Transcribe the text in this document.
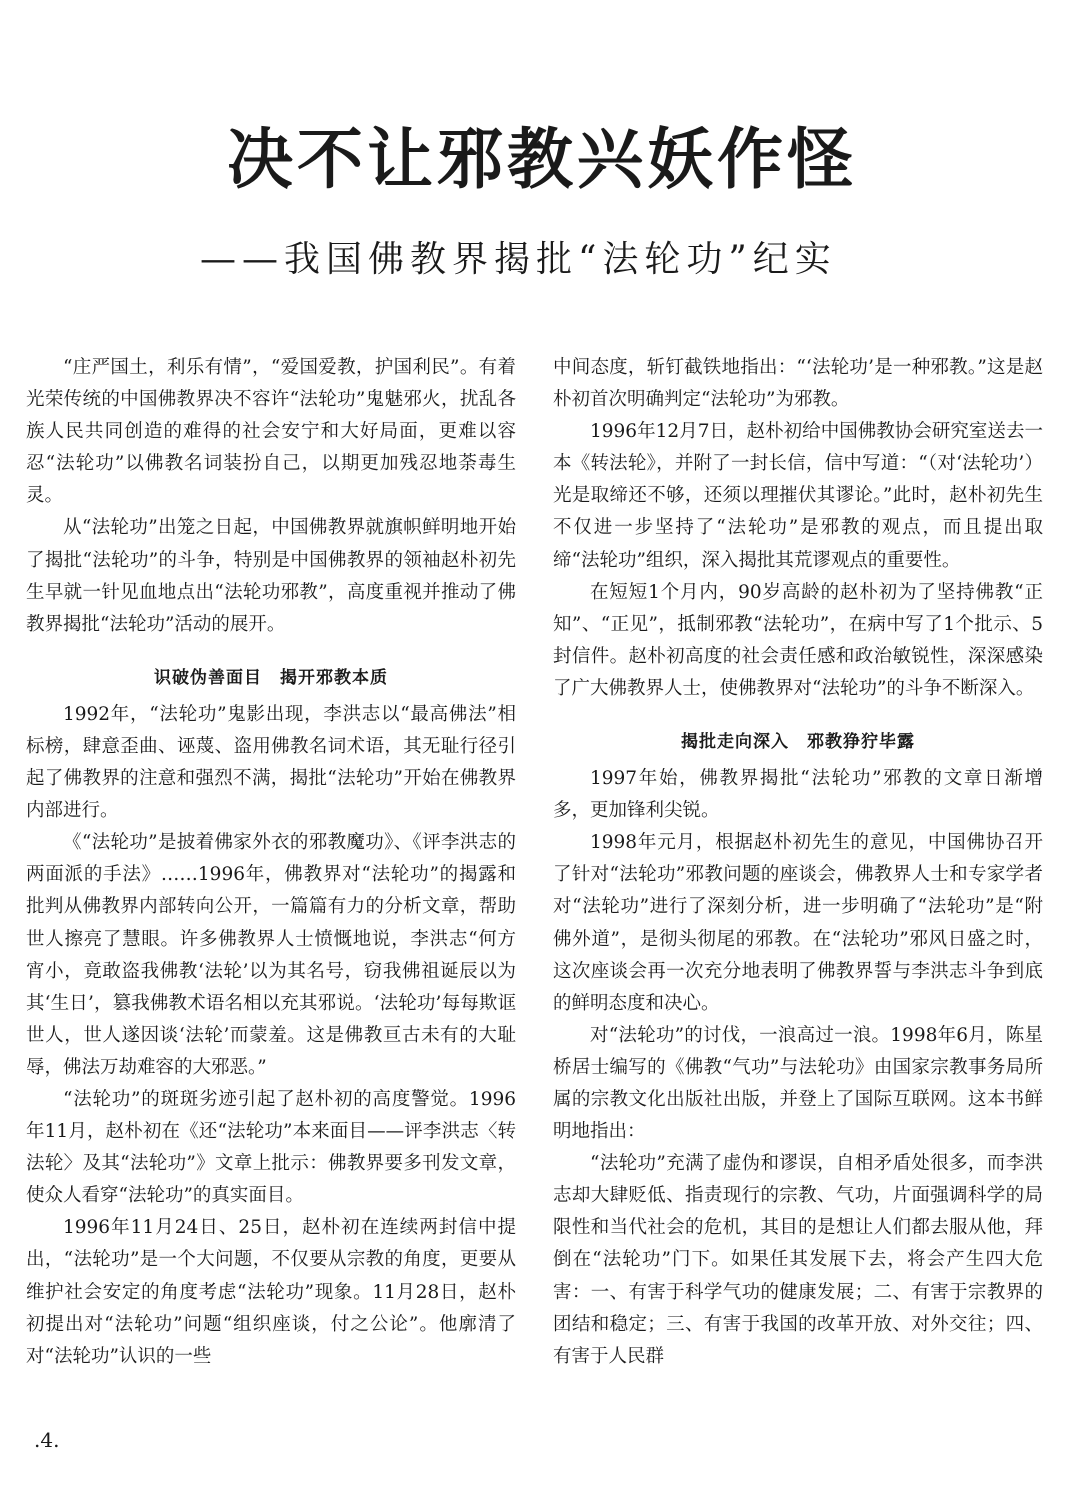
决不让邪教兴妖作怪
——我国佛教界揭批“法轮功”纪实

“庄严国土，利乐有情”，“爱国爱教，护国利民”。有着光荣传统的中国佛教界决不容许“法轮功”鬼魅邪火，扰乱各族人民共同创造的难得的社会安宁和大好局面，更难以容忍“法轮功”以佛教名词装扮自己，以期更加残忍地荼毒生灵。

从“法轮功”出笼之日起，中国佛教界就旗帜鲜明地开始了揭批“法轮功”的斗争，特别是中国佛教界的领袖赵朴初先生早就一针见血地点出“法轮功邪教”，高度重视并推动了佛教界揭批“法轮功”活动的展开。

识破伪善面目 揭开邪教本质

1992年，“法轮功”鬼影出现，李洪志以“最高佛法”相标榜，肆意歪曲、诬蔑、盗用佛教名词术语，其无耻行径引起了佛教界的注意和强烈不满，揭批“法轮功”开始在佛教界内部进行。

《“法轮功”是披着佛家外衣的邪教魔功》、《评李洪志的两面派的手法》……1996年，佛教界对“法轮功”的揭露和批判从佛教界内部转向公开，一篇篇有力的分析文章，帮助世人擦亮了慧眼。许多佛教界人士愤慨地说，李洪志“何方宵小，竟敢盗我佛教‘法轮’以为其名号，窃我佛祖诞辰以为其‘生日’，篡我佛教术语名相以充其邪说。‘法轮功’每每欺诓世人，世人遂因谈‘法轮’而蒙羞。这是佛教亘古未有的大耻辱，佛法万劫难容的大邪恶。”

“法轮功”的斑斑劣迹引起了赵朴初的高度警觉。1996年11月，赵朴初在《还“法轮功”本来面目——评李洪志〈转法轮〉及其“法轮功”》文章上批示：佛教界要多刊发文章，使众人看穿“法轮功”的真实面目。

1996年11月24日、25日，赵朴初在连续两封信中提出，“法轮功”是一个大问题，不仅要从宗教的角度，更要从维护社会安定的角度考虑“法轮功”现象。11月28日，赵朴初提出对“法轮功”问题“组织座谈，付之公论”。他廓清了对“法轮功”认识的一些

中间态度，斩钉截铁地指出：“‘法轮功’是一种邪教。”这是赵朴初首次明确判定“法轮功”为邪教。

1996年12月7日，赵朴初给中国佛教协会研究室送去一本《转法轮》，并附了一封长信，信中写道：“（对‘法轮功’）光是取缔还不够，还须以理摧伏其谬论。”此时，赵朴初先生不仅进一步坚持了“法轮功”是邪教的观点，而且提出取缔“法轮功”组织，深入揭批其荒谬观点的重要性。

在短短1个月内，90岁高龄的赵朴初为了坚持佛教“正知”、“正见”，抵制邪教“法轮功”，在病中写了1个批示、5封信件。赵朴初高度的社会责任感和政治敏锐性，深深感染了广大佛教界人士，使佛教界对“法轮功”的斗争不断深入。

揭批走向深入 邪教狰狞毕露

1997年始，佛教界揭批“法轮功”邪教的文章日渐增多，更加锋利尖锐。

1998年元月，根据赵朴初先生的意见，中国佛协召开了针对“法轮功”邪教问题的座谈会，佛教界人士和专家学者对“法轮功”进行了深刻分析，进一步明确了“法轮功”是“附佛外道”，是彻头彻尾的邪教。在“法轮功”邪风日盛之时，这次座谈会再一次充分地表明了佛教界誓与李洪志斗争到底的鲜明态度和决心。

对“法轮功”的讨伐，一浪高过一浪。1998年6月，陈星桥居士编写的《佛教“气功”与法轮功》由国家宗教事务局所属的宗教文化出版社出版，并登上了国际互联网。这本书鲜明地指出：

“法轮功”充满了虚伪和谬误，自相矛盾处很多，而李洪志却大肆贬低、指责现行的宗教、气功，片面强调科学的局限性和当代社会的危机，其目的是想让人们都去服从他，拜倒在“法轮功”门下。如果任其发展下去，将会产生四大危害：一、有害于科学气功的健康发展；二、有害于宗教界的团结和稳定；三、有害于我国的改革开放、对外交往；四、有害于人民群

.4.
